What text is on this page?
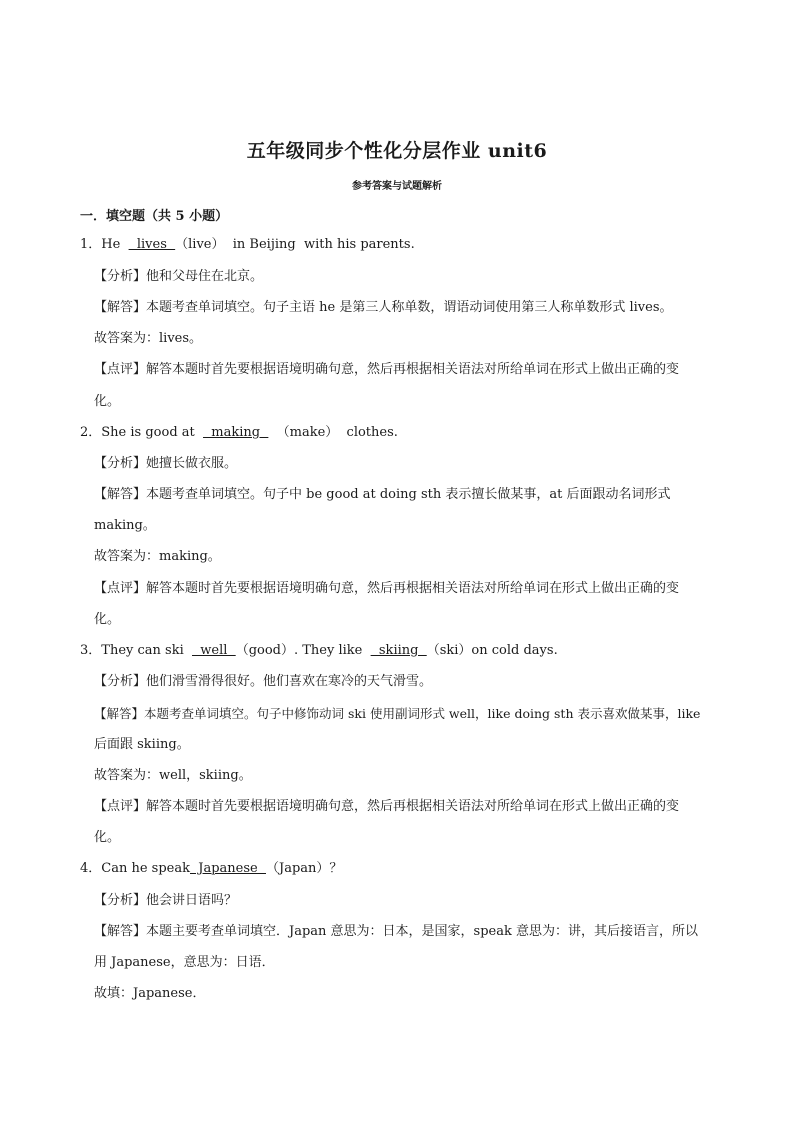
五年级同步个性化分层作业 unit6
参考答案与试题解析
一．填空题（共 5 小题）
1．He    lives  （live）  in Beijing  with his parents.
【分析】他和父母住在北京。
【解答】本题考查单词填空。句子主语 he 是第三人称单数，谓语动词使用第三人称单数形式 lives。
故答案为：lives。
【点评】解答本题时首先要根据语境明确句意，然后再根据相关语法对所给单词在形式上做出正确的变
化。
2．She is good at    making    （make）  clothes.
【分析】她擅长做衣服。
【解答】本题考查单词填空。句子中 be good at doing sth 表示擅长做某事，at 后面跟动名词形式
making。
故答案为：making。
【点评】解答本题时首先要根据语境明确句意，然后再根据相关语法对所给单词在形式上做出正确的变
化。
3．They can ski    well  （good）. They like    skiing  （ski）on cold days.
【分析】他们滑雪滑得很好。他们喜欢在寒冷的天气滑雪。
【解答】本题考查单词填空。句子中修饰动词 ski 使用副词形式 well，like doing sth 表示喜欢做某事，like
后面跟 skiing。
故答案为：well，skiing。
【点评】解答本题时首先要根据语境明确句意，然后再根据相关语法对所给单词在形式上做出正确的变
化。
4．Can he speak  Japanese  （Japan）？
【分析】他会讲日语吗？
【解答】本题主要考查单词填空．Japan 意思为：日本，是国家，speak 意思为：讲，其后接语言，所以
用 Japanese，意思为：日语．
故填：Japanese．
